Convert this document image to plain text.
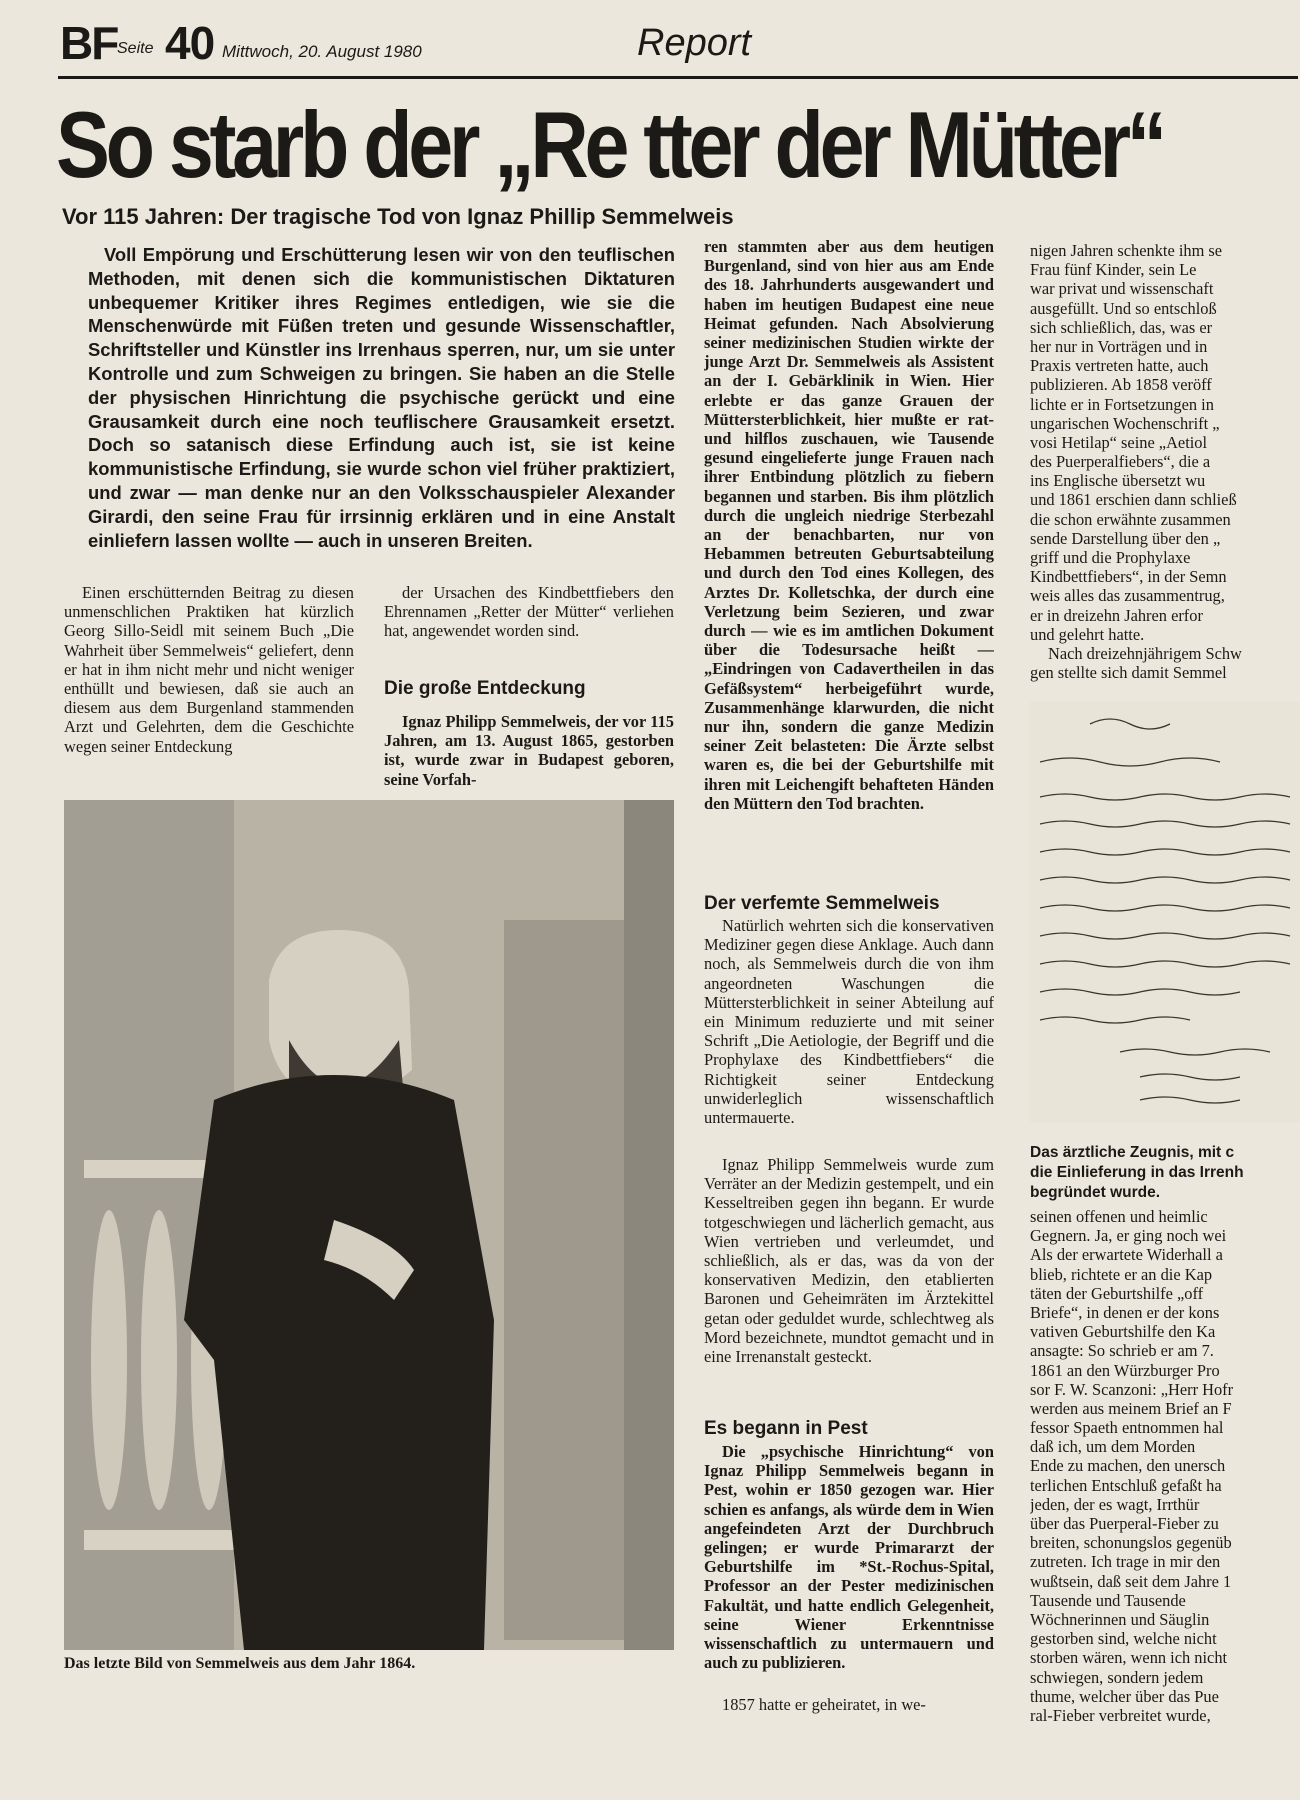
BF Seite 40 Mittwoch, 20. August 1980	Report
So starb der „Re tter der Mütter“
Vor 115 Jahren: Der tragische Tod von Ignaz Phillip Semmelweis
Voll Empörung und Erschütterung lesen wir von den teuflischen Methoden, mit denen sich die kommunistischen Diktaturen unbequemer Kritiker ihres Regimes entledigen, wie sie die Menschenwürde mit Füßen treten und gesunde Wissenschaftler, Schriftsteller und Künstler ins Irrenhaus sperren, nur, um sie unter Kontrolle und zum Schweigen zu bringen. Sie haben an die Stelle der physischen Hinrichtung die psychische gerückt und eine Grausamkeit durch eine noch teuflischere Grausamkeit ersetzt. Doch so satanisch diese Erfindung auch ist, sie ist keine kommunistische Erfindung, sie wurde schon viel früher praktiziert, und zwar — man denke nur an den Volksschauspieler Alexander Girardi, den seine Frau für irrsinnig erklären und in eine Anstalt einliefern lassen wollte — auch in unseren Breiten.
Einen erschütternden Beitrag zu diesen unmenschlichen Praktiken hat kürzlich Georg Sillo-Seidl mit seinem Buch „Die Wahrheit über Semmelweis“ geliefert, denn er hat in ihm nicht mehr und nicht weniger enthüllt und bewiesen, daß sie auch an diesem aus dem Burgenland stammenden Arzt und Gelehrten, dem die Geschichte wegen seiner Entdeckung
der Ursachen des Kindbettfiebers den Ehrennamen „Retter der Mütter“ verliehen hat, angewendet worden sind.
Die große Entdeckung
Ignaz Philipp Semmelweis, der vor 115 Jahren, am 13. August 1865, gestorben ist, wurde zwar in Budapest geboren, seine Vorfah-
Das letzte Bild von Semmelweis aus dem Jahr 1864.
ren stammten aber aus dem heutigen Burgenland, sind von hier aus am Ende des 18. Jahrhunderts ausgewandert und haben im heutigen Budapest eine neue Heimat gefunden. Nach Absolvierung seiner medizinischen Studien wirkte der junge Arzt Dr. Semmelweis als Assistent an der I. Gebärklinik in Wien. Hier erlebte er das ganze Grauen der Müttersterblichkeit, hier mußte er rat- und hilflos zuschauen, wie Tausende gesund eingelieferte junge Frauen nach ihrer Entbindung plötzlich zu fiebern begannen und starben. Bis ihm plötzlich durch die ungleich niedrige Sterbezahl an der benachbarten, nur von Hebammen betreuten Geburtsabteilung und durch den Tod eines Kollegen, des Arztes Dr. Kolletschka, der durch eine Verletzung beim Sezieren, und zwar durch — wie es im amtlichen Dokument über die Todesursache heißt — „Eindringen von Cadavertheilen in das Gefäßsystem“ herbeigeführt wurde, Zusammenhänge klarwurden, die nicht nur ihn, sondern die ganze Medizin seiner Zeit belasteten: Die Ärzte selbst waren es, die bei der Geburtshilfe mit ihren mit Leichengift behafteten Händen den Müttern den Tod brachten.
Der verfemte Semmelweis
Natürlich wehrten sich die konservativen Mediziner gegen diese Anklage. Auch dann noch, als Semmelweis durch die von ihm angeordneten Waschungen die Müttersterblichkeit in seiner Abteilung auf ein Minimum reduzierte und mit seiner Schrift „Die Aetiologie, der Begriff und die Prophylaxe des Kindbettfiebers“ die Richtigkeit seiner Entdeckung unwiderleglich wissenschaftlich untermauerte.
Ignaz Philipp Semmelweis wurde zum Verräter an der Medizin gestempelt, und ein Kesseltreiben gegen ihn begann. Er wurde totgeschwiegen und lächerlich gemacht, aus Wien vertrieben und verleumdet, und schließlich, als er das, was da von der konservativen Medizin, den etablierten Baronen und Geheimräten im Ärztekittel getan oder geduldet wurde, schlechtweg als Mord bezeichnete, mundtot gemacht und in eine Irrenanstalt gesteckt.
Es begann in Pest
Die „psychische Hinrichtung“ von Ignaz Philipp Semmelweis begann in Pest, wohin er 1850 gezogen war. Hier schien es anfangs, als würde dem in Wien angefeindeten Arzt der Durchbruch gelingen; er wurde Primararzt der Geburtshilfe im *St.-Rochus-Spital, Professor an der Pester medizinischen Fakultät, und hatte endlich Gelegenheit, seine Wiener Erkenntnisse wissenschaftlich zu untermauern und auch zu publizieren.
1857 hatte er geheiratet, in we-
nigen Jahren schenkte ihm se
Frau fünf Kinder, sein Le
war privat und wissenschaft
ausgefüllt. Und so entschloß
sich schließlich, das, was er
her nur in Vorträgen und in
Praxis vertreten hatte, auch
publizieren. Ab 1858 veröff
lichte er in Fortsetzungen in
ungarischen Wochenschrift „
vosi Hetilap“ seine „Aetiol
des Puerperalfiebers“, die a
ins Englische übersetzt wu
und 1861 erschien dann schließ
die schon erwähnte zusammen
sende Darstellung über den „
griff und die Prophylaxe
Kindbettfiebers“, in der Semn
weis alles das zusammentrug,
er in dreizehn Jahren erfor
und gelehrt hatte.
Nach dreizehnjährigem Schw
gen stellte sich damit Semmel
Das ärztliche Zeugnis, mit c
die Einlieferung in das Irrenh
begründet wurde.
seinen offenen und heimlic
Gegnern. Ja, er ging noch wei
Als der erwartete Widerhall a
blieb, richtete er an die Kap
täten der Geburtshilfe „off
Briefe“, in denen er der kons
vativen Geburtshilfe den Ka
ansagte: So schrieb er am 7.
1861 an den Würzburger Pro
sor F. W. Scanzoni: „Herr Hofr
werden aus meinem Brief an F
fessor Spaeth entnommen hal
daß ich, um dem Morden
Ende zu machen, den unersch
terlichen Entschluß gefaßt ha
jeden, der es wagt, Irrthür
über das Puerperal-Fieber zu
breiten, schonungslos gegenüb
zutreten. Ich trage in mir den
wußtsein, daß seit dem Jahre 1
Tausende und Tausende
Wöchnerinnen und Säuglin
gestorben sind, welche nicht
storben wären, wenn ich nicht
schwiegen, sondern jedem
thume, welcher über das Pue
ral-Fieber verbreitet wurde,
